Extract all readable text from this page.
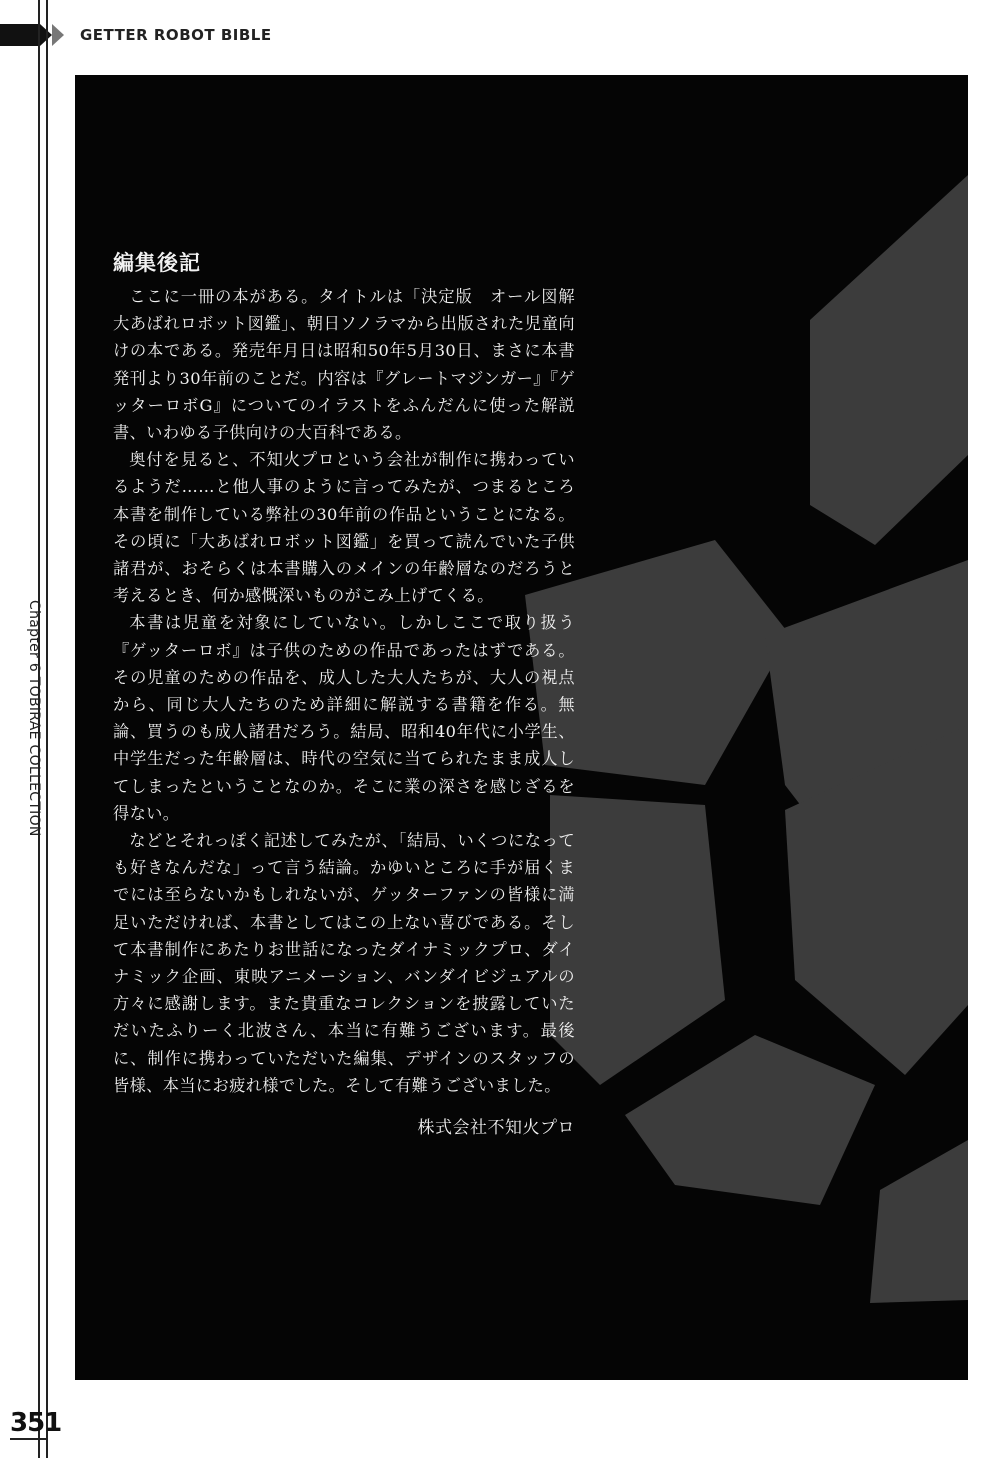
GETTER ROBOT BIBLE
Chapter 6 TOBIRAE COLLECTION
351
編集後記

ここに一冊の本がある。タイトルは「決定版　オール図解大あばれロボット図鑑」、朝日ソノラマから出版された児童向けの本である。発売年月日は昭和50年5月30日、まさに本書発刊より30年前のことだ。内容は『グレートマジンガー』『ゲッターロボG』についてのイラストをふんだんに使った解説書、いわゆる子供向けの大百科である。

奥付を見ると、不知火プロという会社が制作に携わっているようだ……と他人事のように言ってみたが、つまるところ本書を制作している弊社の30年前の作品ということになる。その頃に「大あばれロボット図鑑」を買って読んでいた子供諸君が、おそらくは本書購入のメインの年齢層なのだろうと考えるとき、何か感慨深いものがこみ上げてくる。

本書は児童を対象にしていない。しかしここで取り扱う『ゲッターロボ』は子供のための作品であったはずである。その児童のための作品を、成人した大人たちが、大人の視点から、同じ大人たちのため詳細に解説する書籍を作る。無論、買うのも成人諸君だろう。結局、昭和40年代に小学生、中学生だった年齢層は、時代の空気に当てられたまま成人してしまったということなのか。そこに業の深さを感じざるを得ない。

などとそれっぽく記述してみたが、「結局、いくつになっても好きなんだな」って言う結論。かゆいところに手が届くまでには至らないかもしれないが、ゲッターファンの皆様に満足いただければ、本書としてはこの上ない喜びである。そして本書制作にあたりお世話になったダイナミックプロ、ダイナミック企画、東映アニメーション、バンダイビジュアルの方々に感謝します。また貴重なコレクションを披露していただいたふりーく北波さん、本当に有難うございます。最後に、制作に携わっていただいた編集、デザインのスタッフの皆様、本当にお疲れ様でした。そして有難うございました。

株式会社不知火プロ
